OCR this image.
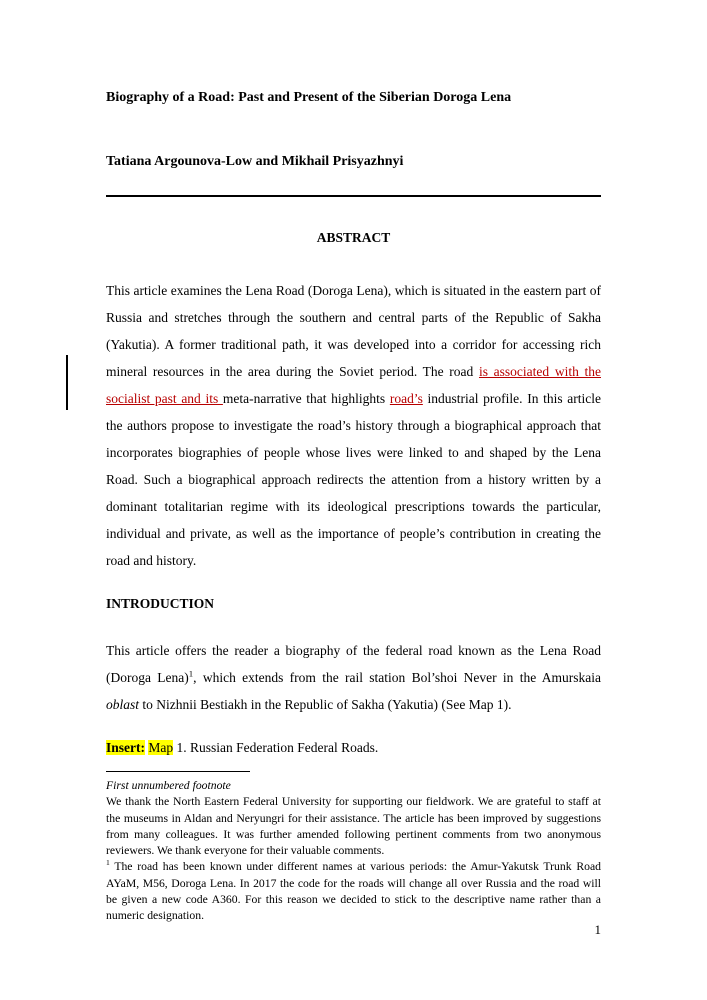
Biography of a Road: Past and Present of the Siberian Doroga Lena
Tatiana Argounova-Low and Mikhail Prisyazhnyi
ABSTRACT

This article examines the Lena Road (Doroga Lena), which is situated in the eastern part of Russia and stretches through the southern and central parts of the Republic of Sakha (Yakutia). A former traditional path, it was developed into a corridor for accessing rich mineral resources in the area during the Soviet period. The road is associated with the socialist past and its meta-narrative that highlights road’s industrial profile. In this article the authors propose to investigate the road’s history through a biographical approach that incorporates biographies of people whose lives were linked to and shaped by the Lena Road. Such a biographical approach redirects the attention from a history written by a dominant totalitarian regime with its ideological prescriptions towards the particular, individual and private, as well as the importance of people’s contribution in creating the road and history.

INTRODUCTION

This article offers the reader a biography of the federal road known as the Lena Road (Doroga Lena)$^1$, which extends from the rail station Bol’shoi Never in the Amurskaia oblast to Nizhnii Bestiakh in the Republic of Sakha (Yakutia) (See Map 1).

Insert: Map 1. Russian Federation Federal Roads.

First unnumbered footnote
We thank the North Eastern Federal University for supporting our fieldwork. We are grateful to staff at the museums in Aldan and Neryungri for their assistance. The article has been improved by suggestions from many colleagues. It was further amended following pertinent comments from two anonymous reviewers. We thank everyone for their valuable comments.
$^1$ The road has been known under different names at various periods: the Amur-Yakutsk Trunk Road AYaM, M56, Doroga Lena. In 2017 the code for the roads will change all over Russia and the road will be given a new code A360. For this reason we decided to stick to the descriptive name rather than a numeric designation.
1
